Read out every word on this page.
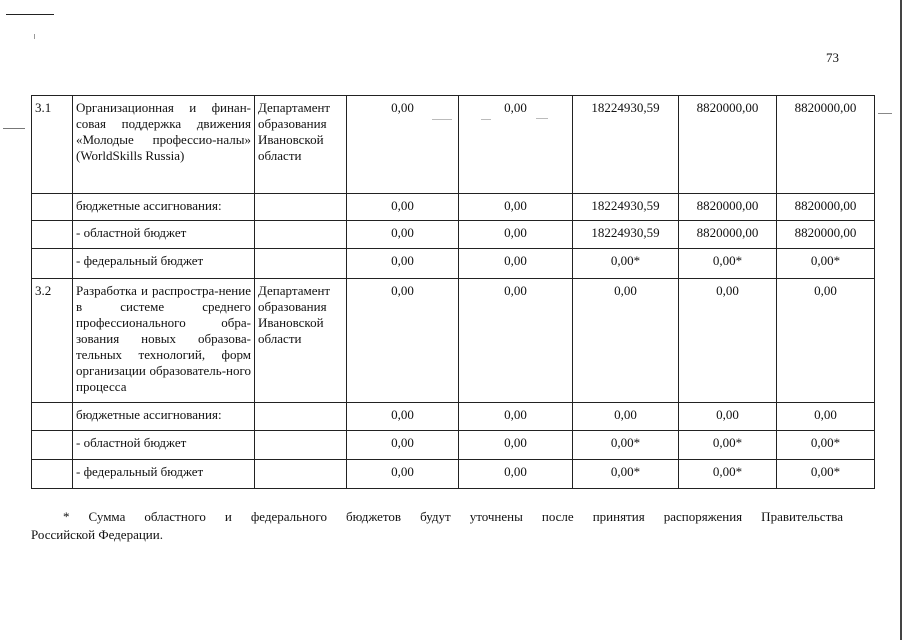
73
3.1	Организационная и финан-совая поддержка движения «Молодые профессио-налы» (WorldSkills Russia)	Департамент образования Ивановской области	0,00	0,00	18224930,59	8820000,00	8820000,00
	бюджетные ассигнования:		0,00	0,00	18224930,59	8820000,00	8820000,00
	- областной бюджет		0,00	0,00	18224930,59	8820000,00	8820000,00
	- федеральный бюджет		0,00	0,00	0,00*	0,00*	0,00*
3.2	Разработка и распростра-нение в системе среднего профессионального обра-зования новых образова-тельных технологий, форм организации образователь-ного процесса	Департамент образования Ивановской области	0,00	0,00	0,00	0,00	0,00
	бюджетные ассигнования:		0,00	0,00	0,00	0,00	0,00
	- областной бюджет		0,00	0,00	0,00*	0,00*	0,00*
	- федеральный бюджет		0,00	0,00	0,00*	0,00*	0,00*

* Сумма областного и федерального бюджетов будут уточнены после принятия распоряжения Правительства

Российской Федерации.
